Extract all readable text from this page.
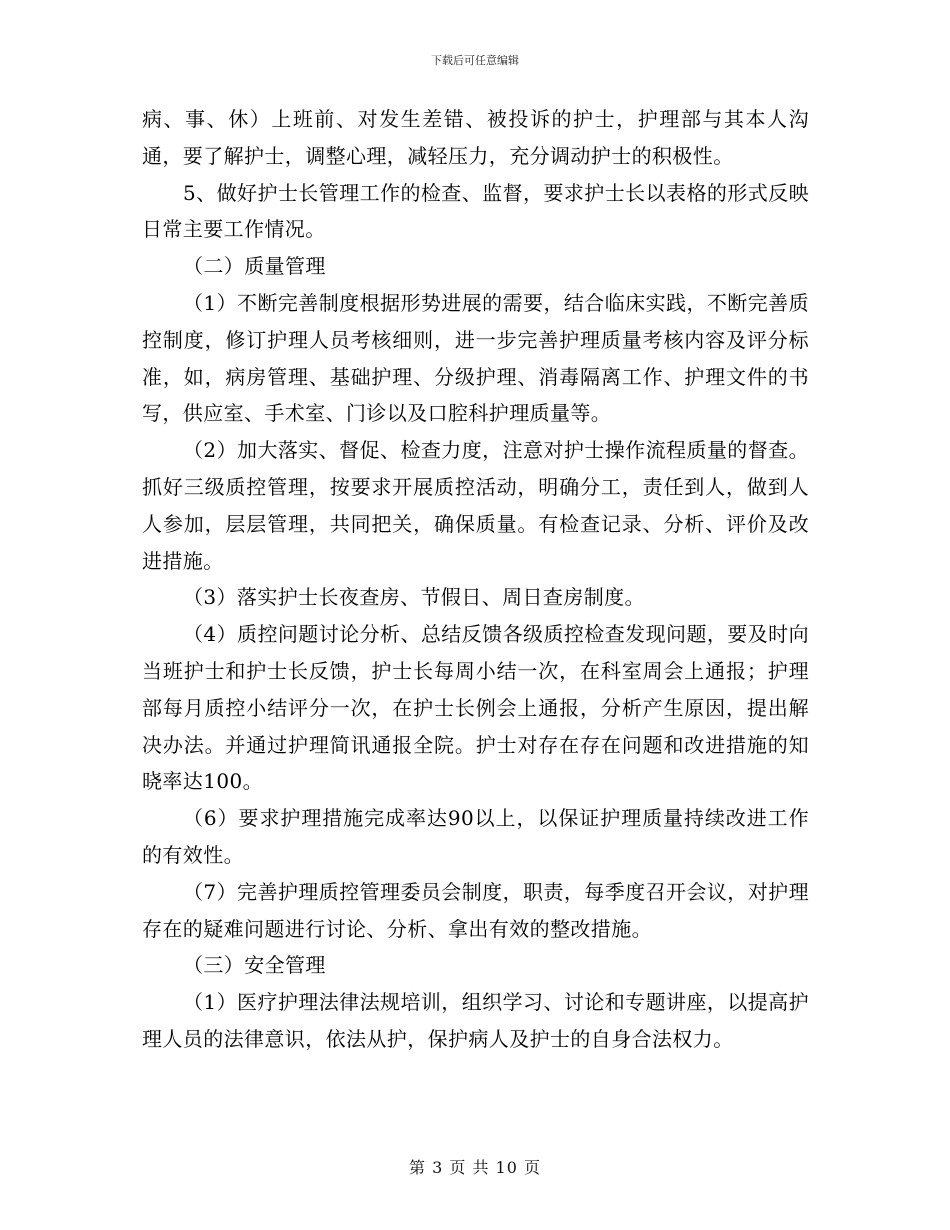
下载后可任意编辑

病、事、休）上班前、对发生差错、被投诉的护士，护理部与其本人沟通，要了解护士，调整心理，减轻压力，充分调动护士的积极性。

5、做好护士长管理工作的检查、监督，要求护士长以表格的形式反映日常主要工作情况。

（二）质量管理

（1）不断完善制度根据形势进展的需要，结合临床实践，不断完善质控制度，修订护理人员考核细则，进一步完善护理质量考核内容及评分标准，如，病房管理、基础护理、分级护理、消毒隔离工作、护理文件的书写，供应室、手术室、门诊以及口腔科护理质量等。

（2）加大落实、督促、检查力度，注意对护士操作流程质量的督查。抓好三级质控管理，按要求开展质控活动，明确分工，责任到人，做到人人参加，层层管理，共同把关，确保质量。有检查记录、分析、评价及改进措施。

（3）落实护士长夜查房、节假日、周日查房制度。

（4）质控问题讨论分析、总结反馈各级质控检查发现问题，要及时向当班护士和护士长反馈，护士长每周小结一次，在科室周会上通报；护理部每月质控小结评分一次，在护士长例会上通报，分析产生原因，提出解决办法。并通过护理简讯通报全院。护士对存在存在问题和改进措施的知晓率达100。

（6）要求护理措施完成率达90以上，以保证护理质量持续改进工作的有效性。

（7）完善护理质控管理委员会制度，职责，每季度召开会议，对护理存在的疑难问题进行讨论、分析、拿出有效的整改措施。

（三）安全管理

（1）医疗护理法律法规培训，组织学习、讨论和专题讲座，以提高护理人员的法律意识，依法从护，保护病人及护士的自身合法权力。

第 3 页 共 10 页
